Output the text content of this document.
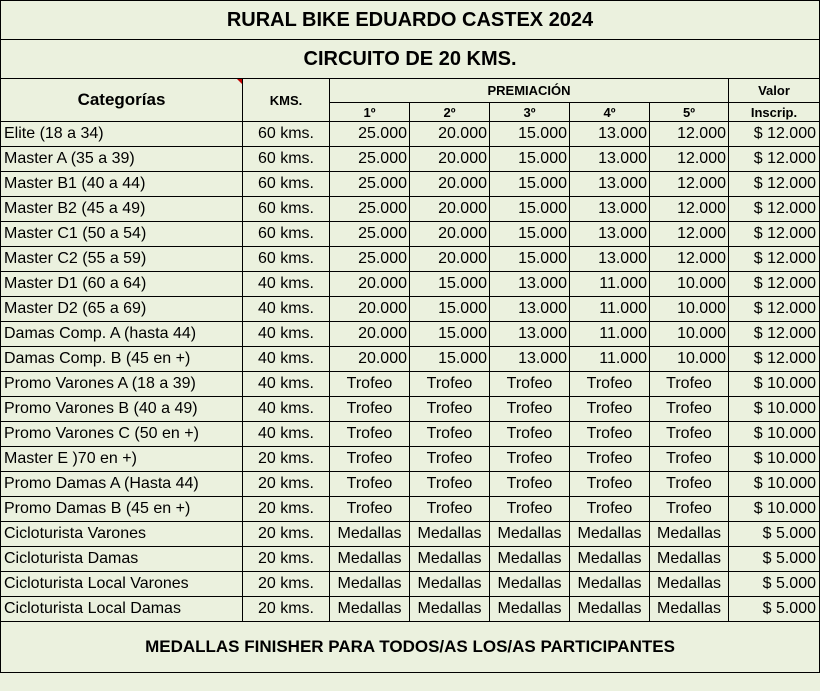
RURAL BIKE EDUARDO CASTEX 2024							
CIRCUITO DE 20 KMS.							
Categorías	KMS.	PREMIACIÓN					Valor
		1º	2º	3º	4º	5º	Inscrip.
Elite (18 a 34)	60 kms.	25.000	20.000	15.000	13.000	12.000	$ 12.000
Master A (35 a 39)	60 kms.	25.000	20.000	15.000	13.000	12.000	$ 12.000
Master B1 (40 a 44)	60 kms.	25.000	20.000	15.000	13.000	12.000	$ 12.000
Master B2 (45 a 49)	60 kms.	25.000	20.000	15.000	13.000	12.000	$ 12.000
Master C1 (50 a 54)	60 kms.	25.000	20.000	15.000	13.000	12.000	$ 12.000
Master C2 (55 a 59)	60 kms.	25.000	20.000	15.000	13.000	12.000	$ 12.000
Master D1 (60 a 64)	40 kms.	20.000	15.000	13.000	11.000	10.000	$ 12.000
Master D2 (65 a 69)	40 kms.	20.000	15.000	13.000	11.000	10.000	$ 12.000
Damas Comp. A (hasta 44)	40 kms.	20.000	15.000	13.000	11.000	10.000	$ 12.000
Damas Comp. B (45 en +)	40 kms.	20.000	15.000	13.000	11.000	10.000	$ 12.000
Promo Varones A (18 a 39)	40 kms.	Trofeo	Trofeo	Trofeo	Trofeo	Trofeo	$ 10.000
Promo Varones B (40 a 49)	40 kms.	Trofeo	Trofeo	Trofeo	Trofeo	Trofeo	$ 10.000
Promo Varones C (50 en +)	40 kms.	Trofeo	Trofeo	Trofeo	Trofeo	Trofeo	$ 10.000
Master E )70 en +)	20 kms.	Trofeo	Trofeo	Trofeo	Trofeo	Trofeo	$ 10.000
Promo Damas A (Hasta 44)	20 kms.	Trofeo	Trofeo	Trofeo	Trofeo	Trofeo	$ 10.000
Promo Damas B (45 en +)	20 kms.	Trofeo	Trofeo	Trofeo	Trofeo	Trofeo	$ 10.000
Cicloturista Varones	20 kms.	Medallas	Medallas	Medallas	Medallas	Medallas	$ 5.000
Cicloturista Damas	20 kms.	Medallas	Medallas	Medallas	Medallas	Medallas	$ 5.000
Cicloturista Local Varones	20 kms.	Medallas	Medallas	Medallas	Medallas	Medallas	$ 5.000
Cicloturista Local Damas	20 kms.	Medallas	Medallas	Medallas	Medallas	Medallas	$ 5.000
MEDALLAS FINISHER PARA TODOS/AS LOS/AS PARTICIPANTES							
